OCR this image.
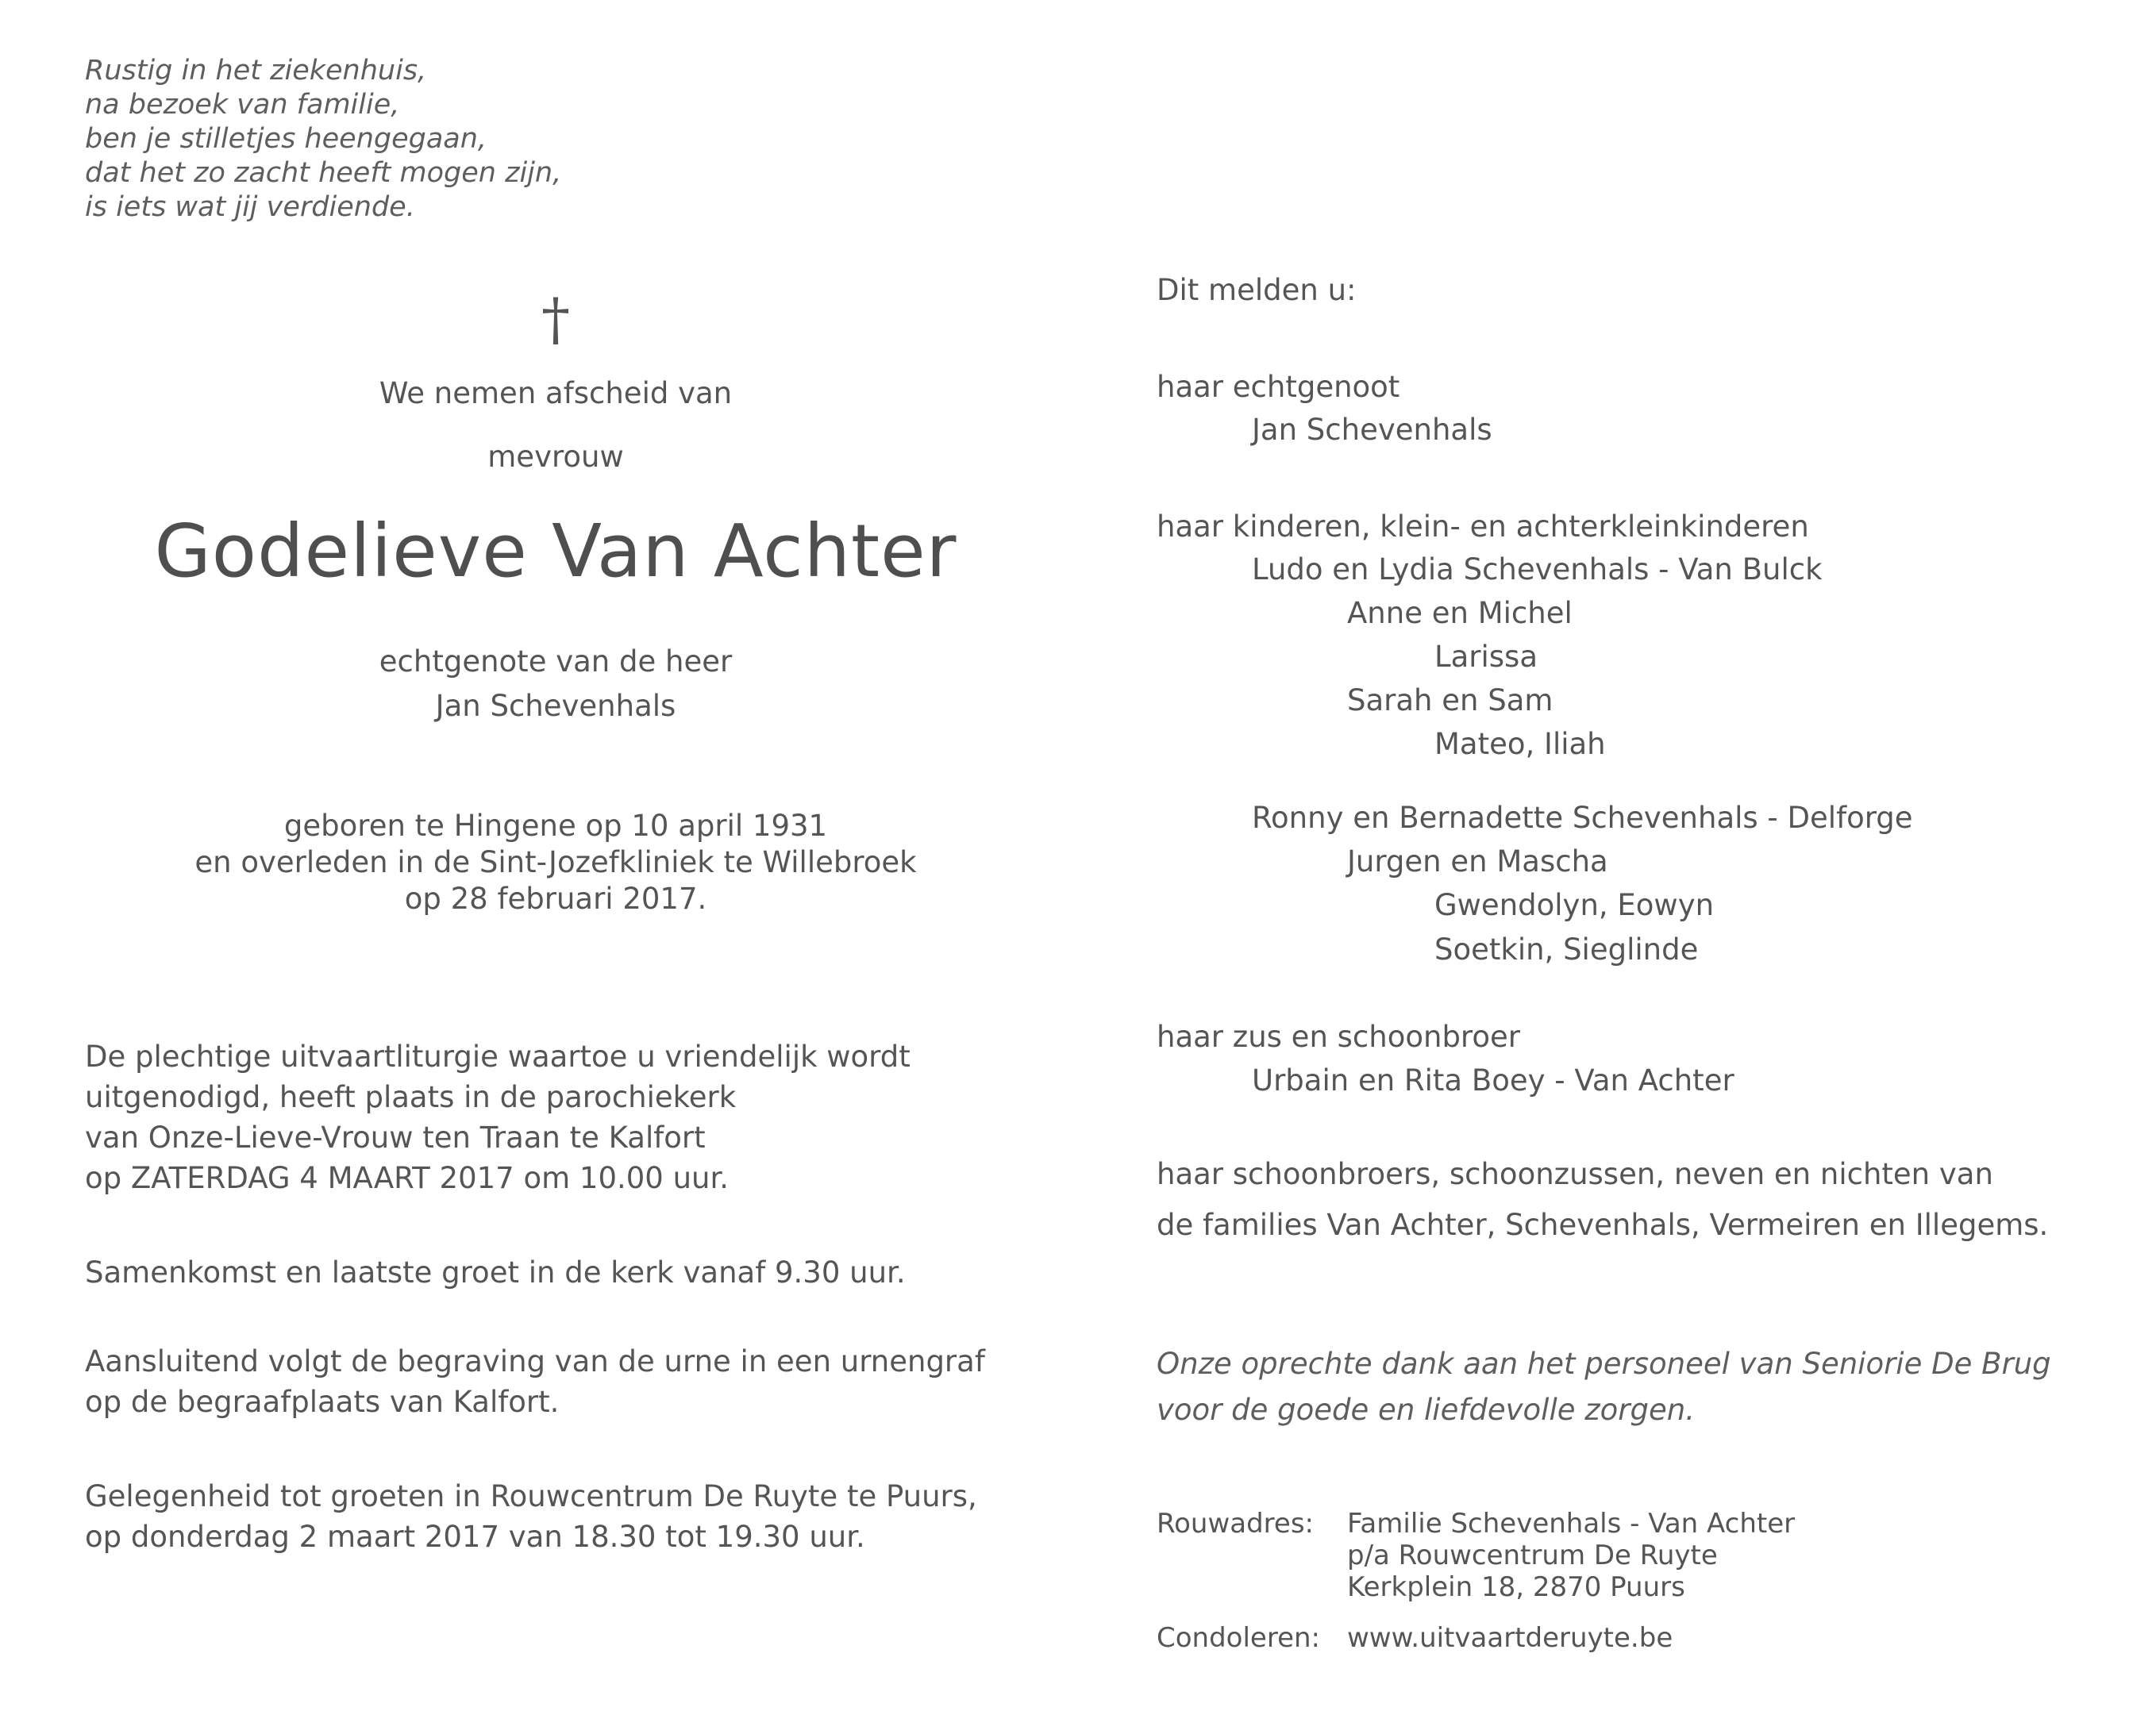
Rustig in het ziekenhuis,
na bezoek van familie,
ben je stilletjes heengegaan,
dat het zo zacht heeft mogen zijn,
is iets wat jij verdiende.
†
We nemen afscheid van
mevrouw
Godelieve Van Achter
echtgenote van de heer
Jan Schevenhals
geboren te Hingene op 10 april 1931
en overleden in de Sint-Jozefkliniek te Willebroek
op 28 februari 2017.
De plechtige uitvaartliturgie waartoe u vriendelijk wordt
uitgenodigd, heeft plaats in de parochiekerk
van Onze-Lieve-Vrouw ten Traan te Kalfort
op ZATERDAG 4 MAART 2017 om 10.00 uur.
Samenkomst en laatste groet in de kerk vanaf 9.30 uur.
Aansluitend volgt de begraving van de urne in een urnengraf
op de begraafplaats van Kalfort.
Gelegenheid tot groeten in Rouwcentrum De Ruyte te Puurs,
op donderdag 2 maart 2017 van 18.30 tot 19.30 uur.
Dit melden u:
haar echtgenoot
Jan Schevenhals
haar kinderen, klein- en achterkleinkinderen
Ludo en Lydia Schevenhals - Van Bulck
Anne en Michel
Larissa
Sarah en Sam
Mateo, Iliah
Ronny en Bernadette Schevenhals - Delforge
Jurgen en Mascha
Gwendolyn, Eowyn
Soetkin, Sieglinde
haar zus en schoonbroer
Urbain en Rita Boey - Van Achter
haar schoonbroers, schoonzussen, neven en nichten van
de families Van Achter, Schevenhals, Vermeiren en Illegems.
Onze oprechte dank aan het personeel van Seniorie De Brug
voor de goede en liefdevolle zorgen.
Rouwadres: Familie Schevenhals - Van Achter
p/a Rouwcentrum De Ruyte
Kerkplein 18, 2870 Puurs
Condoleren: www.uitvaartderuyte.be
